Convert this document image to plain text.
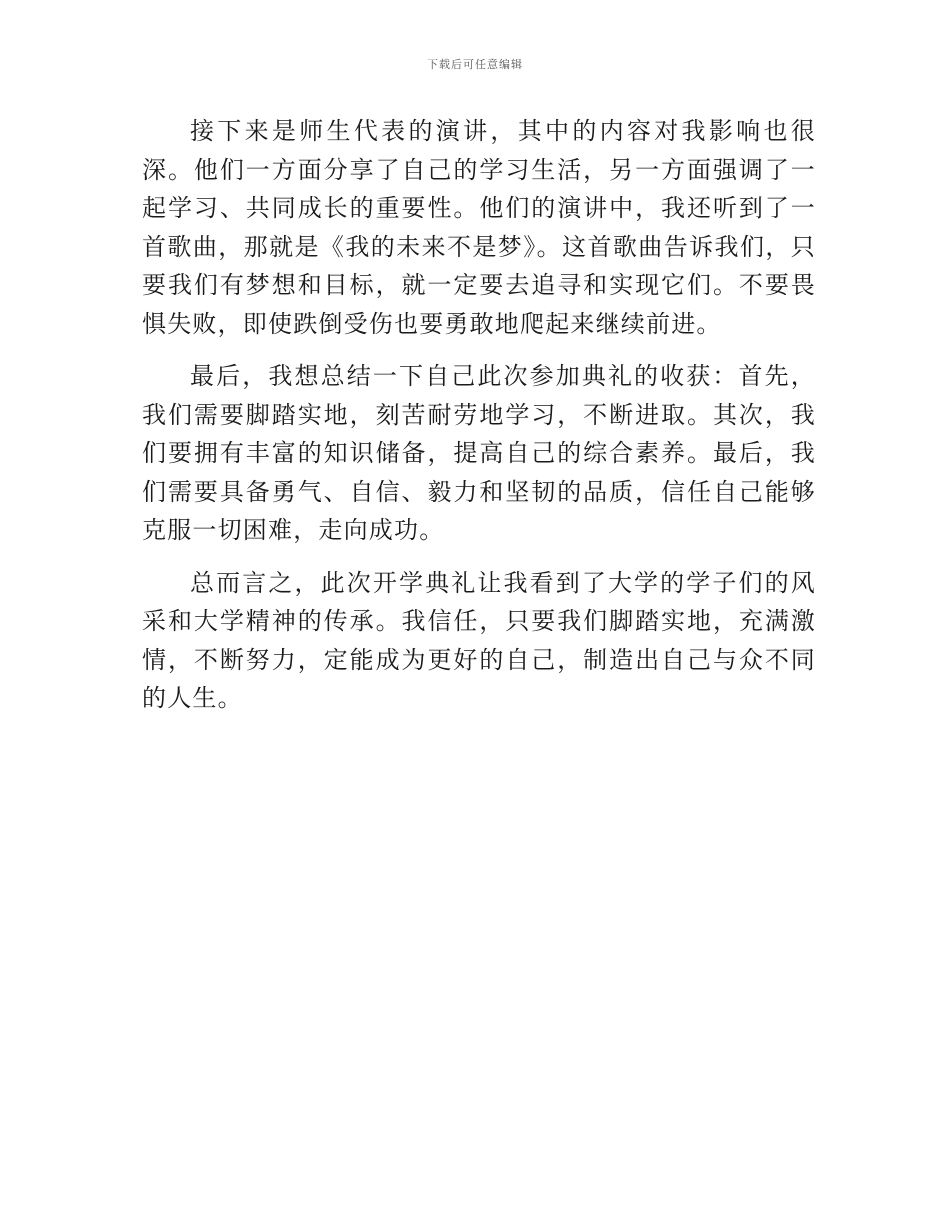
下载后可任意编辑

接下来是师生代表的演讲，其中的内容对我影响也很深。他们一方面分享了自己的学习生活，另一方面强调了一起学习、共同成长的重要性。他们的演讲中，我还听到了一首歌曲，那就是《我的未来不是梦》。这首歌曲告诉我们，只要我们有梦想和目标，就一定要去追寻和实现它们。不要畏惧失败，即使跌倒受伤也要勇敢地爬起来继续前进。

最后，我想总结一下自己此次参加典礼的收获：首先，我们需要脚踏实地，刻苦耐劳地学习，不断进取。其次，我们要拥有丰富的知识储备，提高自己的综合素养。最后，我们需要具备勇气、自信、毅力和坚韧的品质，信任自己能够克服一切困难，走向成功。

总而言之，此次开学典礼让我看到了大学的学子们的风采和大学精神的传承。我信任，只要我们脚踏实地，充满激情，不断努力，定能成为更好的自己，制造出自己与众不同的人生。
